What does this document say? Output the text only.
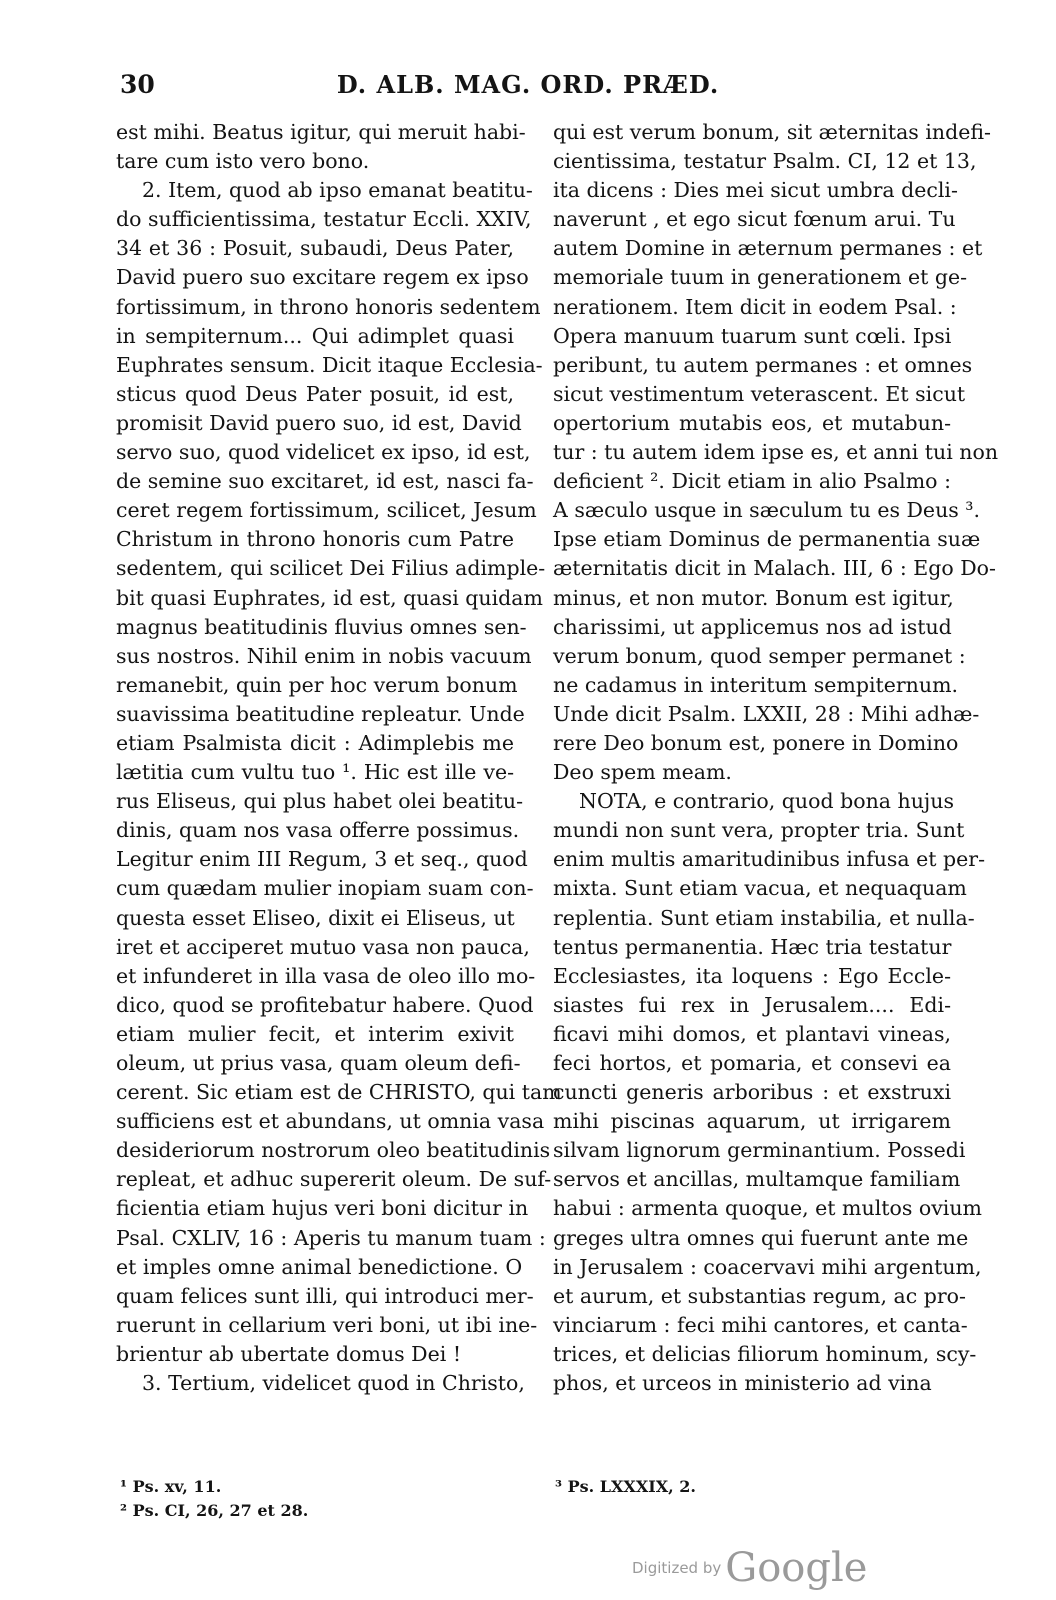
30	D. ALB. MAG. ORD. PRÆD.
est mihi. Beatus igitur, qui meruit habi-
tare cum isto vero bono.
2. Item, quod ab ipso emanat beatitu-
do sufficientissima, testatur Eccli. XXIV,
34 et 36 : Posuit, subaudi, Deus Pater,
David puero suo excitare regem ex ipso
fortissimum, in throno honoris sedentem
in sempiternum... Qui adimplet quasi
Euphrates sensum. Dicit itaque Ecclesia-
sticus quod Deus Pater posuit, id est,
promisit David puero suo, id est, David
servo suo, quod videlicet ex ipso, id est,
de semine suo excitaret, id est, nasci fa-
ceret regem fortissimum, scilicet, Jesum
Christum in throno honoris cum Patre
sedentem, qui scilicet Dei Filius adimple-
bit quasi Euphrates, id est, quasi quidam
magnus beatitudinis fluvius omnes sen-
sus nostros. Nihil enim in nobis vacuum
remanebit, quin per hoc verum bonum
suavissima beatitudine repleatur. Unde
etiam Psalmista dicit : Adimplebis me
lætitia cum vultu tuo ¹. Hic est ille ve-
rus Eliseus, qui plus habet olei beatitu-
dinis, quam nos vasa offerre possimus.
Legitur enim III Regum, 3 et seq., quod
cum quædam mulier inopiam suam con-
questa esset Eliseo, dixit ei Eliseus, ut
iret et acciperet mutuo vasa non pauca,
et infunderet in illa vasa de oleo illo mo-
dico, quod se profitebatur habere. Quod
etiam mulier fecit, et interim exivit
oleum, ut prius vasa, quam oleum defi-
cerent. Sic etiam est de CHRISTO, qui tam
sufficiens est et abundans, ut omnia vasa
desideriorum nostrorum oleo beatitudinis
repleat, et adhuc supererit oleum. De suf-
ficientia etiam hujus veri boni dicitur in
Psal. CXLIV, 16 : Aperis tu manum tuam :
et imples omne animal benedictione. O
quam felices sunt illi, qui introduci mer-
ruerunt in cellarium veri boni, ut ibi ine-
brientur ab ubertate domus Dei !
3. Tertium, videlicet quod in Christo,
qui est verum bonum, sit æternitas indefi-
cientissima, testatur Psalm. CI, 12 et 13,
ita dicens : Dies mei sicut umbra decli-
naverunt , et ego sicut fœnum arui. Tu
autem Domine in æternum permanes : et
memoriale tuum in generationem et ge-
nerationem. Item dicit in eodem Psal. :
Opera manuum tuarum sunt cœli. Ipsi
peribunt, tu autem permanes : et omnes
sicut vestimentum veterascent. Et sicut
opertorium mutabis eos, et mutabun-
tur : tu autem idem ipse es, et anni tui non
deficient ². Dicit etiam in alio Psalmo :
A sæculo usque in sæculum tu es Deus ³.
Ipse etiam Dominus de permanentia suæ
æternitatis dicit in Malach. III, 6 : Ego Do-
minus, et non mutor. Bonum est igitur,
charissimi, ut applicemus nos ad istud
verum bonum, quod semper permanet :
ne cadamus in interitum sempiternum.
Unde dicit Psalm. LXXII, 28 : Mihi adhæ-
rere Deo bonum est, ponere in Domino
Deo spem meam.
NOTA, e contrario, quod bona hujus
mundi non sunt vera, propter tria. Sunt
enim multis amaritudinibus infusa et per-
mixta. Sunt etiam vacua, et nequaquam
replentia. Sunt etiam instabilia, et nulla-
tentus permanentia. Hæc tria testatur
Ecclesiastes, ita loquens : Ego Eccle-
siastes fui rex in Jerusalem.... Edi-
ficavi mihi domos, et plantavi vineas,
feci hortos, et pomaria, et consevi ea
cuncti generis arboribus : et exstruxi
mihi piscinas aquarum, ut irrigarem
silvam lignorum germinantium. Possedi
servos et ancillas, multamque familiam
habui : armenta quoque, et multos ovium
greges ultra omnes qui fuerunt ante me
in Jerusalem : coacervavi mihi argentum,
et aurum, et substantias regum, ac pro-
vinciarum : feci mihi cantores, et canta-
trices, et delicias filiorum hominum, scy-
phos, et urceos in ministerio ad vina
¹ Ps. xv, 11.
² Ps. CI, 26, 27 et 28.
³ Ps. LXXXIX, 2.
Digitized by Google
